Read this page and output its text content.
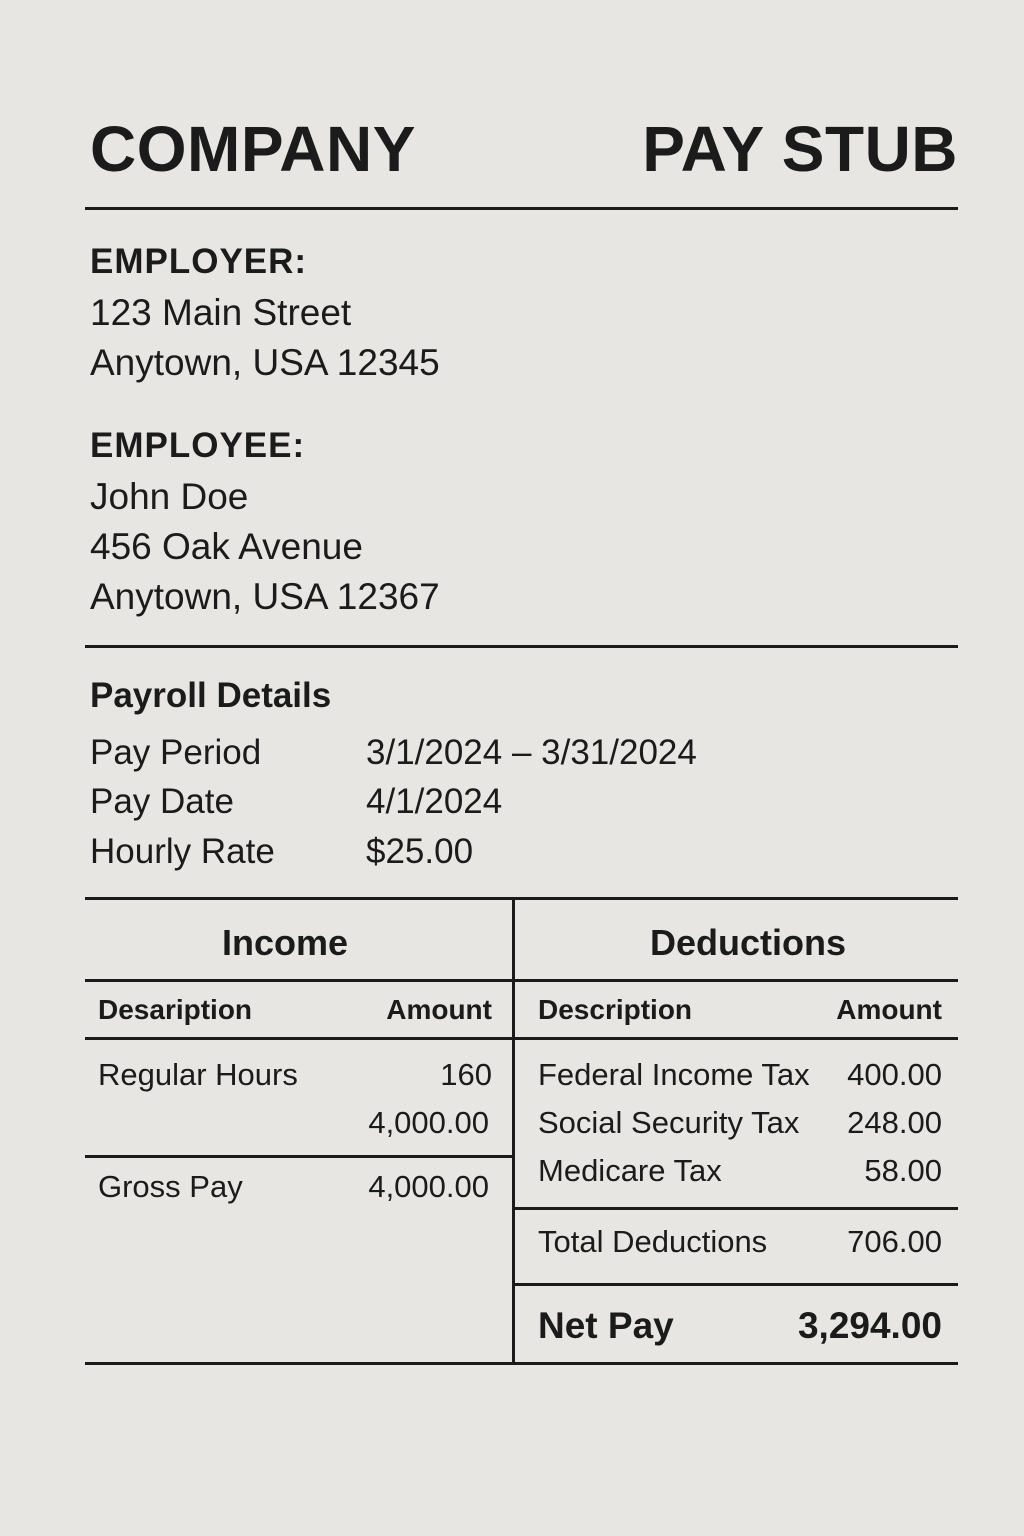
COMPANY	PAY STUB
EMPLOYER:
123 Main Street
Anytown, USA 12345
EMPLOYEE:
John Doe
456 Oak Avenue
Anytown, USA 12367
Payroll Details
Pay Period	3/1/2024 – 3/31/2024
Pay Date	4/1/2024
Hourly Rate	$25.00
Income
Desaription	Amount
Regular Hours	160
4,000.00
Gross Pay	4,000.00
Deductions
Description	Amount
Federal Income Tax	400.00
Social Security Tax	248.00
Medicare Tax	58.00
Total Deductions	706.00
Net Pay	3,294.00
